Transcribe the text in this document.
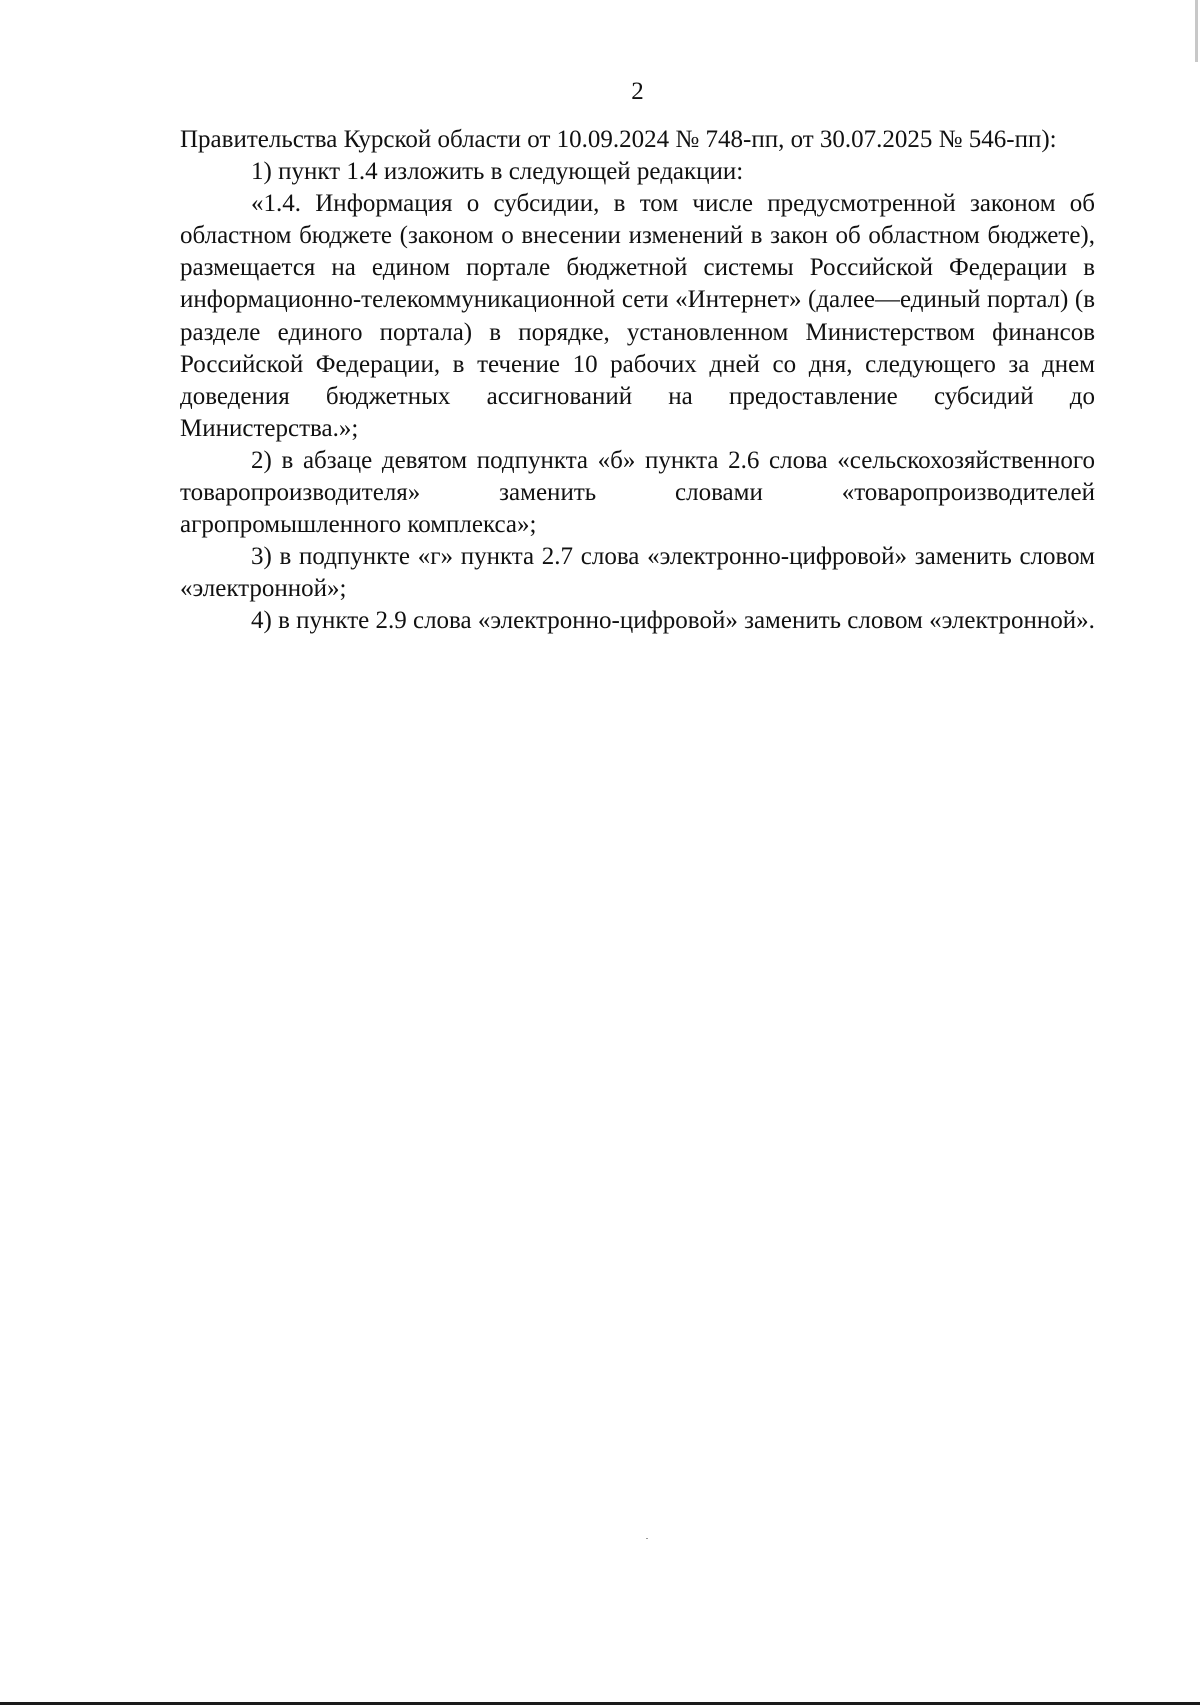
2

Правительства Курской области от 10.09.2024 № 748-пп, от 30.07.2025 № 546-пп):

1) пункт 1.4 изложить в следующей редакции:

«1.4. Информация о субсидии, в том числе предусмотренной законом об областном бюджете (законом о внесении изменений в закон об областном бюджете), размещается на едином портале бюджетной системы Российской Федерации в информационно-телекоммуникационной сети «Интернет» (далее—единый портал) (в разделе единого портала) в порядке, установленном Министерством финансов Российской Федерации, в течение 10 рабочих дней со дня, следующего за днем доведения бюджетных ассигнований на предоставление субсидий до Министерства.»;

2) в абзаце девятом подпункта «б» пункта 2.6 слова «сельскохозяйственного товаропроизводителя» заменить словами «товаропроизводителей агропромышленного комплекса»;

3) в подпункте «г» пункта 2.7 слова «электронно-цифровой» заменить словом «электронной»;

4) в пункте 2.9 слова «электронно-цифровой» заменить словом «электронной».
